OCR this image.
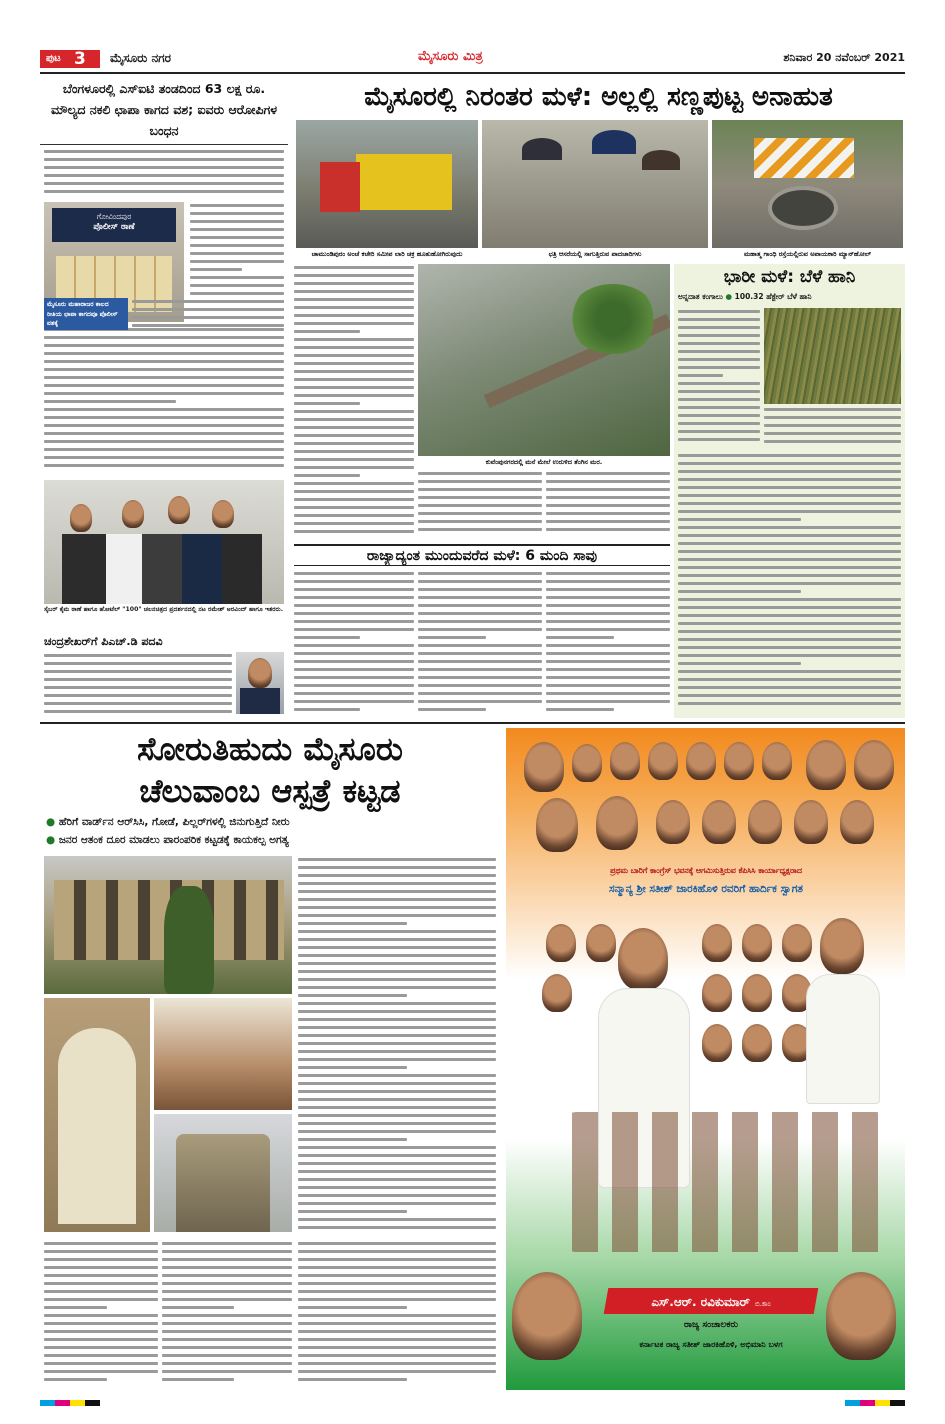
ಪುಟ 3 ಮೈಸೂರು ನಗರ	ಮೈಸೂರು ಮಿತ್ರ	ಶನಿವಾರ 20 ನವೆಂಬರ್ 2021
ಬೆಂಗಳೂರಲ್ಲಿ ಎಸ್‌ಐಟಿ ತಂಡದಿಂದ 63 ಲಕ್ಷ ರೂ. ಮೌಲ್ಯದ ನಕಲಿ ಛಾಪಾ ಕಾಗದ ವಶ; ಐವರು ಆರೋಪಿಗಳ ಬಂಧನ
ಗೋವಿಂದಪುರ
ಪೊಲೀಸ್ ಠಾಣೆ
ಮೈಸೂರು ಮಹಾರಾಜರ ಕಾಲದ ರೀತಿಯ ಛಾಪಾ ಕಾಗದವೂ ಪೊಲೀಸ್ ವಶಕ್ಕೆ
ಮೈಸೂರಲ್ಲಿ ನಿರಂತರ ಮಳೆ: ಅಲ್ಲಲ್ಲಿ ಸಣ್ಣಪುಟ್ಟ ಅನಾಹುತ
ಚಾಮುಂಡಿಪುರಂ ಅಂಚೆ ಕಚೇರಿ ಸಮೀಪ ಲಾರಿ ಚಕ್ರ ಹೂತುಹೋಗಿರುವುದು	ಛತ್ರಿ ಆಸರೆಯಲ್ಲಿ ಸಾಗುತ್ತಿರುವ ಪಾದಚಾರಿಗಳು	ಮಹಾತ್ಮ ಗಾಂಧಿ ರಸ್ತೆಯಲ್ಲಿರುವ ಅಪಾಯಕಾರಿ ಮ್ಯಾನ್‌ಹೋಲ್
ಕುವೆಂಪುನಗರದಲ್ಲಿ ಮನೆ ಮೇಲೆ ಉರುಳಿದ ತೆಂಗಿನ ಮರ.
ಭಾರೀ ಮಳೆ: ಬೆಳೆ ಹಾನಿ
ಅನ್ನದಾತ ಕಂಗಾಲು ● 100.32 ಹೆಕ್ಟೇರ್ ಬೆಳೆ ಹಾನಿ
ರಾಜ್ಯಾದ್ಯಂತ ಮುಂದುವರೆದ ಮಳೆ: 6 ಮಂದಿ ಸಾವು
ಸೈಬರ್ ಕೈಮ ಠಾಣೆ ಹಾಗೂ ಹೋಟೆಲ್ "100" ಚಲನಚಿತ್ರದ ಪ್ರದರ್ಶನದಲ್ಲಿ ನಟ ರಮೇಶ್ ಅರವಿಂದ್ ಹಾಗೂ ಇತರರು.
ಚಂದ್ರಶೇಖರ್‌ಗೆ ಪಿಎಚ್.ಡಿ ಪದವಿ
ಸೋರುತಿಹುದು ಮೈಸೂರು
ಚೆಲುವಾಂಬ ಆಸ್ಪತ್ರೆ ಕಟ್ಟಡ
● ಹೆರಿಗೆ ವಾರ್ಡ್‌ನ ಆರ್‌ಸಿಸಿ, ಗೋಡೆ, ಪಿಲ್ಲರ್‌ಗಳಲ್ಲಿ ಜಿನುಗುತ್ತಿದೆ ನೀರು
● ಜನರ ಆತಂಕ ದೂರ ಮಾಡಲು ಪಾರಂಪರಿಕ ಕಟ್ಟಡಕ್ಕೆ ಕಾಯಕಲ್ಪ ಅಗತ್ಯ
ಪ್ರಥಮ ಬಾರಿಗೆ ಕಾಂಗ್ರೆಸ್ ಭವನಕ್ಕೆ ಆಗಮಿಸುತ್ತಿರುವ ಕೆಪಿಸಿಸಿ ಕಾರ್ಯಾಧ್ಯಕ್ಷರಾದ
ಸನ್ಮಾನ್ಯ ಶ್ರೀ ಸತೀಶ್ ಜಾರಕಿಹೊಳಿ ರವರಿಗೆ ಹಾರ್ದಿಕ ಸ್ವಾಗತ
ಎಸ್.ಆರ್. ರವಿಕುಮಾರ್ ಬಿ.ಕಾಂ
ರಾಜ್ಯ ಸಂಚಾಲಕರು
ಕರ್ನಾಟಕ ರಾಜ್ಯ ಸತೀಶ್ ಜಾರಕಿಹೊಳಿ, ಅಭಿಮಾನಿ ಬಳಗ
